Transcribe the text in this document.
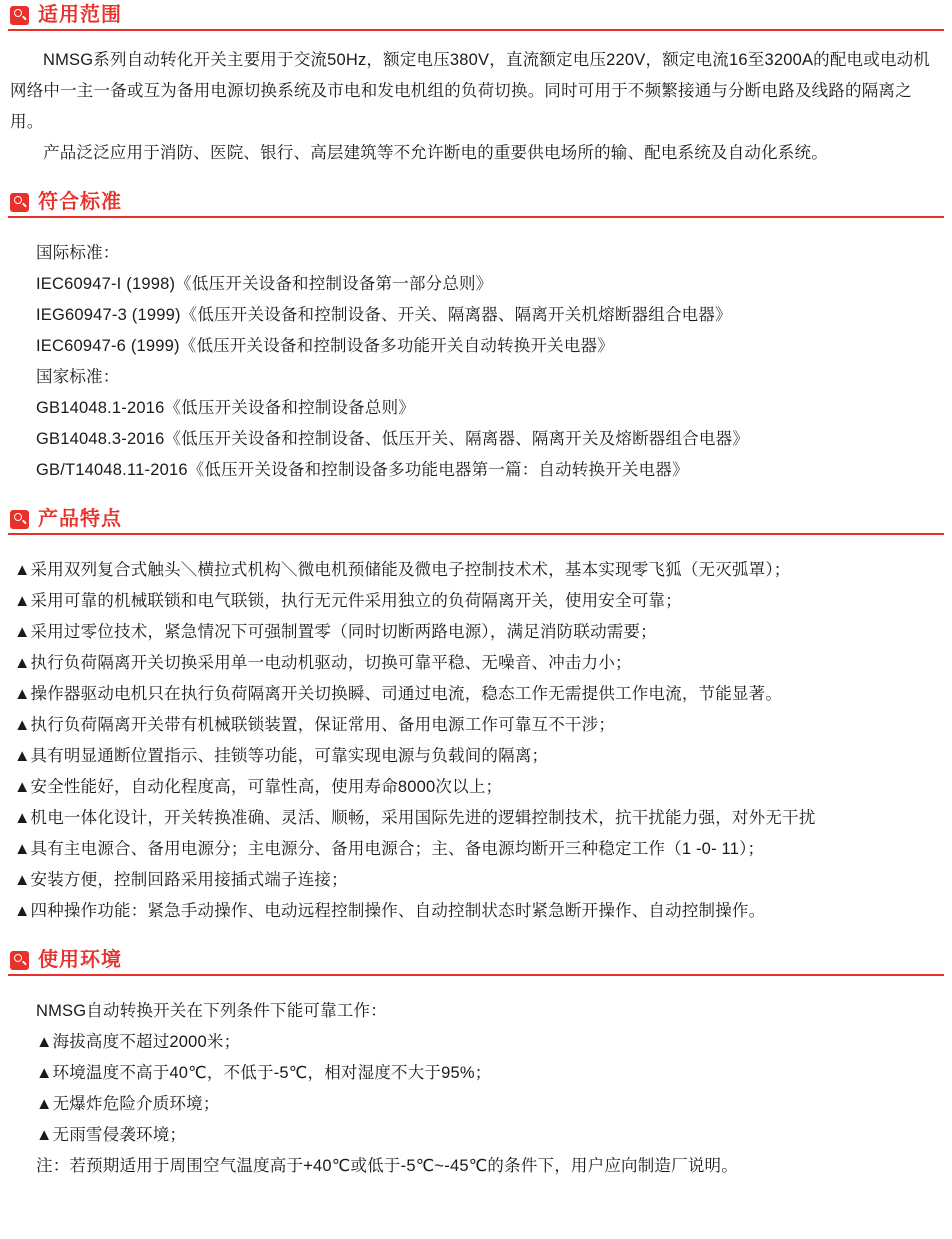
适用范围

NMSG系列自动转化开关主要用于交流50Hz，额定电压380V，直流额定电压220V，额定电流16至3200A的配电或电动机网络中一主一备或互为备用电源切换系统及市电和发电机组的负荷切换。同时可用于不频繁接通与分断电路及线路的隔离之用。

产品泛泛应用于消防、医院、银行、高层建筑等不允许断电的重要供电场所的输、配电系统及自动化系统。

符合标准

国际标准：

IEC60947-I (1998)《低压开关设备和控制设备第一部分总则》

IEG60947-3 (1999)《低压开关设备和控制设备、开关、隔离器、隔离开关机熔断器组合电器》

IEC60947-6 (1999)《低压开关设备和控制设备多功能开关自动转换开关电器》

国家标准：

GB14048.1-2016《低压开关设备和控制设备总则》

GB14048.3-2016《低压开关设备和控制设备、低压开关、隔离器、隔离开关及熔断器组合电器》

GB/T14048.11-2016《低压开关设备和控制设备多功能电器第一篇：自动转换开关电器》

产品特点

▲采用双列复合式触头＼横拉式机构＼微电机预储能及微电子控制技术术，基本实现零飞狐（无灭弧罩）；

▲采用可靠的机械联锁和电气联锁，执行无元件采用独立的负荷隔离开关，使用安全可靠；

▲采用过零位技术，紧急情况下可强制置零（同时切断两路电源），满足消防联动需要；

▲执行负荷隔离开关切换采用单一电动机驱动，切换可靠平稳、无噪音、冲击力小；

▲操作器驱动电机只在执行负荷隔离开关切换瞬、司通过电流，稳态工作无需提供工作电流，节能显著。

▲执行负荷隔离开关带有机械联锁装置，保证常用、备用电源工作可靠互不干涉；

▲具有明显通断位置指示、挂锁等功能，可靠实现电源与负载间的隔离；

▲安全性能好，自动化程度高，可靠性高，使用寿命8000次以上；

▲机电一体化设计，开关转换准确、灵活、顺畅，采用国际先进的逻辑控制技术，抗干扰能力强，对外无干扰

▲具有主电源合、备用电源分；主电源分、备用电源合；主、备电源均断开三种稳定工作（1 -0- 11）；

▲安装方便，控制回路采用接插式端子连接；

▲四种操作功能：紧急手动操作、电动远程控制操作、自动控制状态时紧急断开操作、自动控制操作。

使用环境

NMSG自动转换开关在下列条件下能可靠工作：

▲海拔高度不超过2000米；

▲环境温度不高于40℃，不低于-5℃，相对湿度不大于95%；

▲无爆炸危险介质环境；

▲无雨雪侵袭环境；

注：若预期适用于周围空气温度高于+40℃或低于-5℃~-45℃的条件下，用户应向制造厂说明。
